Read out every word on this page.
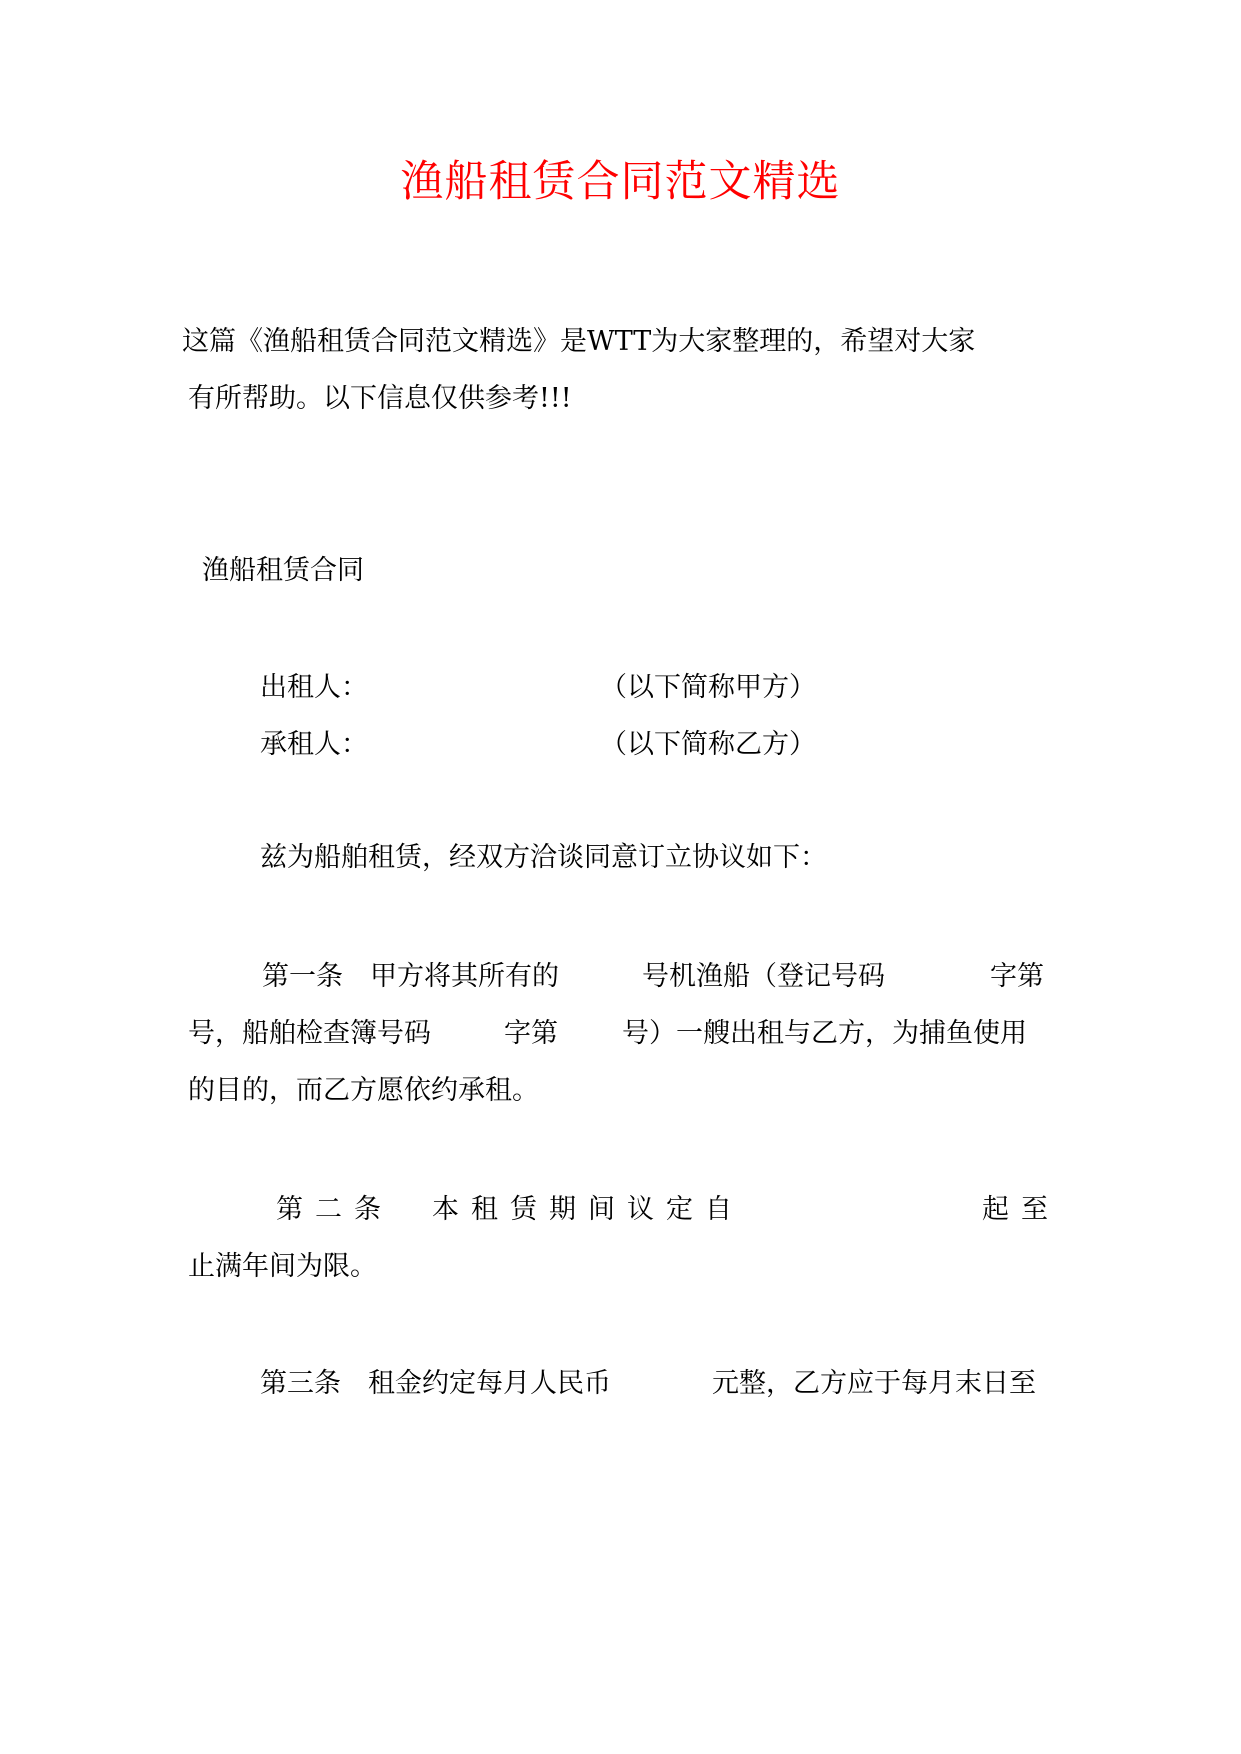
渔船租赁合同范文精选
这篇《渔船租赁合同范文精选》是WTT为大家整理的，希望对大家
有所帮助。以下信息仅供参考!!!
渔船租赁合同
出租人：	（以下简称甲方）
承租人：	（以下简称乙方）
兹为船舶租赁，经双方洽谈同意订立协议如下：
第一条　甲方将其所有的	号机渔船（登记号码	字第
号，船舶检查簿号码	字第 号）一艘出租与乙方，为捕鱼使用
的目的，而乙方愿依约承租。
第二条　本租赁期间议定自	起至
止满年间为限。
第三条　租金约定每月人民币	元整，乙方应于每月末日至
